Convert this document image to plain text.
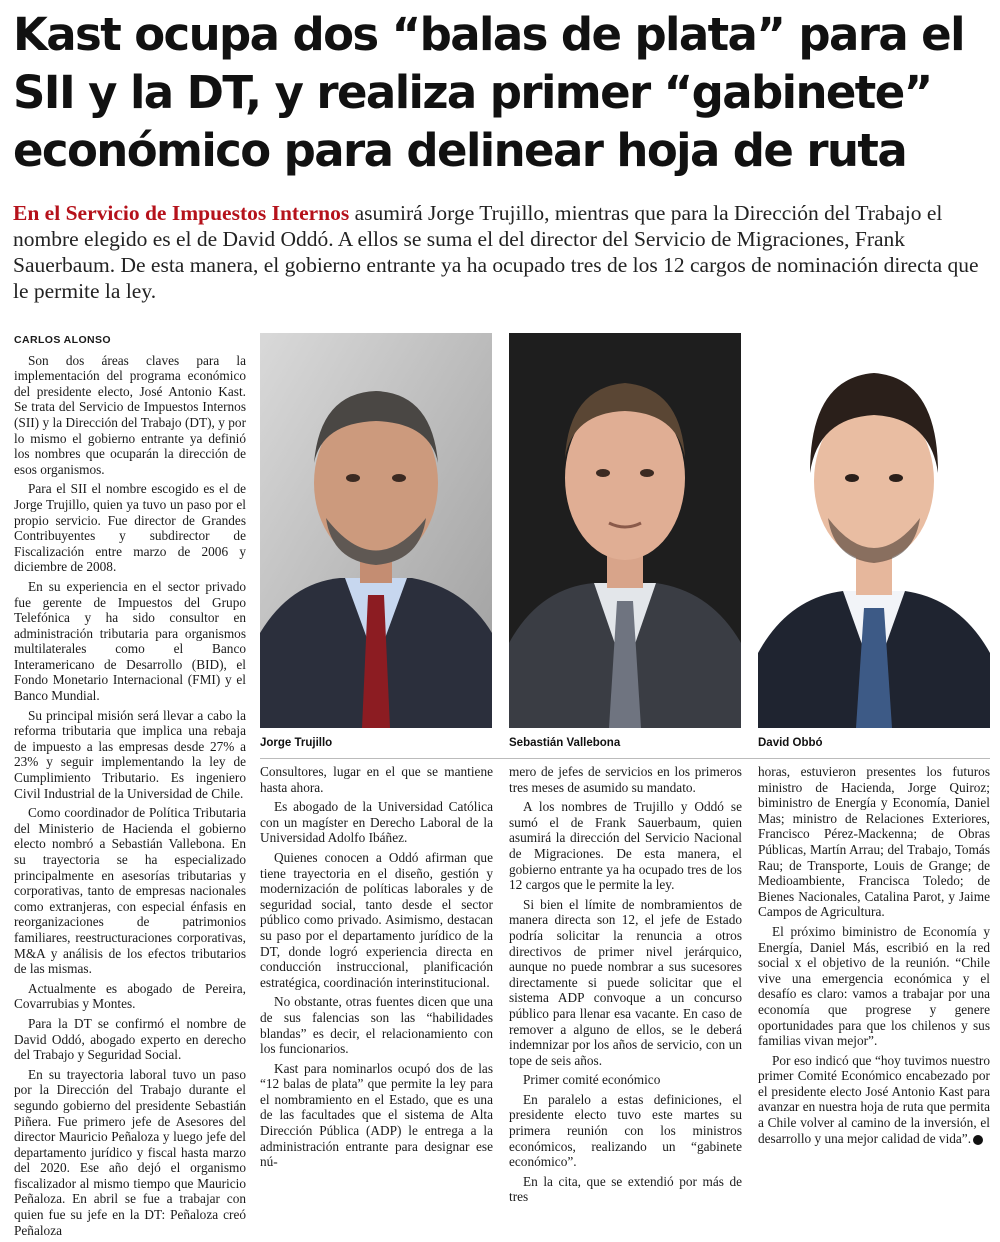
Kast ocupa dos “balas de plata” para el
SII y la DT, y realiza primer “gabinete”
económico para delinear hoja de ruta
En el Servicio de Impuestos Internos asumirá Jorge Trujillo, mientras que para la Dirección del Trabajo el nombre elegido es el de David Oddó. A ellos se suma el del director del Servicio de Migraciones, Frank Sauerbaum. De esta manera, el gobierno entrante ya ha ocupado tres de los 12 cargos de nominación directa que le permite la ley.

CARLOS ALONSO

Son dos áreas claves para la implementación del programa económico del presidente electo, José Antonio Kast. Se trata del Servicio de Impuestos Internos (SII) y la Dirección del Trabajo (DT), y por lo mismo el gobierno entrante ya definió los nombres que ocuparán la dirección de esos organismos.

Para el SII el nombre escogido es el de Jorge Trujillo, quien ya tuvo un paso por el propio servicio. Fue director de Grandes Contribuyentes y subdirector de Fiscalización entre marzo de 2006 y diciembre de 2008.

En su experiencia en el sector privado fue gerente de Impuestos del Grupo Telefónica y ha sido consultor en administración tributaria para organismos multilaterales como el Banco Interamericano de Desarrollo (BID), el Fondo Monetario Internacional (FMI) y el Banco Mundial.

Su principal misión será llevar a cabo la reforma tributaria que implica una rebaja de impuesto a las empresas desde 27% a 23% y seguir implementando la ley de Cumplimiento Tributario. Es ingeniero Civil Industrial de la Universidad de Chile.

Como coordinador de Política Tributaria del Ministerio de Hacienda el gobierno electo nombró a Sebastián Vallebona. En su trayectoria se ha especializado principalmente en asesorías tributarias y corporativas, tanto de empresas nacionales como extranjeras, con especial énfasis en reorganizaciones de patrimonios familiares, reestructuraciones corporativas, M&A y análisis de los efectos tributarios de las mismas.

Actualmente es abogado de Pereira, Covarrubias y Montes.

Para la DT se confirmó el nombre de David Oddó, abogado experto en derecho del Trabajo y Seguridad Social.

En su trayectoria laboral tuvo un paso por la Dirección del Trabajo durante el segundo gobierno del presidente Sebastián Piñera. Fue primero jefe de Asesores del director Mauricio Peñaloza y luego jefe del departamento jurídico y fiscal hasta marzo del 2020. Ese año dejó el organismo fiscalizador al mismo tiempo que Mauricio Peñaloza. En abril se fue a trabajar con quien fue su jefe en la DT: Peñaloza creó Peñaloza

Jorge Trujillo	Sebastián Vallebona	David Obbó

Consultores, lugar en el que se mantiene hasta ahora.

Es abogado de la Universidad Católica con un magíster en Derecho Laboral de la Universidad Adolfo Ibáñez.

Quienes conocen a Oddó afirman que tiene trayectoria en el diseño, gestión y modernización de políticas laborales y de seguridad social, tanto desde el sector público como privado. Asimismo, destacan su paso por el departamento jurídico de la DT, donde logró experiencia directa en conducción instruccional, planificación estratégica, coordinación interinstitucional.

No obstante, otras fuentes dicen que una de sus falencias son las “habilidades blandas” es decir, el relacionamiento con los funcionarios.

Kast para nominarlos ocupó dos de las “12 balas de plata” que permite la ley para el nombramiento en el Estado, que es una de las facultades que el sistema de Alta Dirección Pública (ADP) le entrega a la administración entrante para designar ese nú-

mero de jefes de servicios en los primeros tres meses de asumido su mandato.

A los nombres de Trujillo y Oddó se sumó el de Frank Sauerbaum, quien asumirá la dirección del Servicio Nacional de Migraciones. De esta manera, el gobierno entrante ya ha ocupado tres de los 12 cargos que le permite la ley.

Si bien el límite de nombramientos de manera directa son 12, el jefe de Estado podría solicitar la renuncia a otros directivos de primer nivel jerárquico, aunque no puede nombrar a sus sucesores directamente si puede solicitar que el sistema ADP convoque a un concurso público para llenar esa vacante. En caso de remover a alguno de ellos, se le deberá indemnizar por los años de servicio, con un tope de seis años.

Primer comité económico

En paralelo a estas definiciones, el presidente electo tuvo este martes su primera reunión con los ministros económicos, realizando un “gabinete económico”.

En la cita, que se extendió por más de tres

horas, estuvieron presentes los futuros ministro de Hacienda, Jorge Quiroz; biministro de Energía y Economía, Daniel Mas; ministro de Relaciones Exteriores, Francisco Pérez-Mackenna; de Obras Públicas, Martín Arrau; del Trabajo, Tomás Rau; de Transporte, Louis de Grange; de Medioambiente, Francisca Toledo; de Bienes Nacionales, Catalina Parot, y Jaime Campos de Agricultura.

El próximo biministro de Economía y Energía, Daniel Más, escribió en la red social x el objetivo de la reunión. “Chile vive una emergencia económica y el desafío es claro: vamos a trabajar por una economía que progrese y genere oportunidades para que los chilenos y sus familias vivan mejor”.

Por eso indicó que “hoy tuvimos nuestro primer Comité Económico encabezado por el presidente electo José Antonio Kast para avanzar en nuestra hoja de ruta que permita a Chile volver al camino de la inversión, el desarrollo y una mejor calidad de vida”. P
